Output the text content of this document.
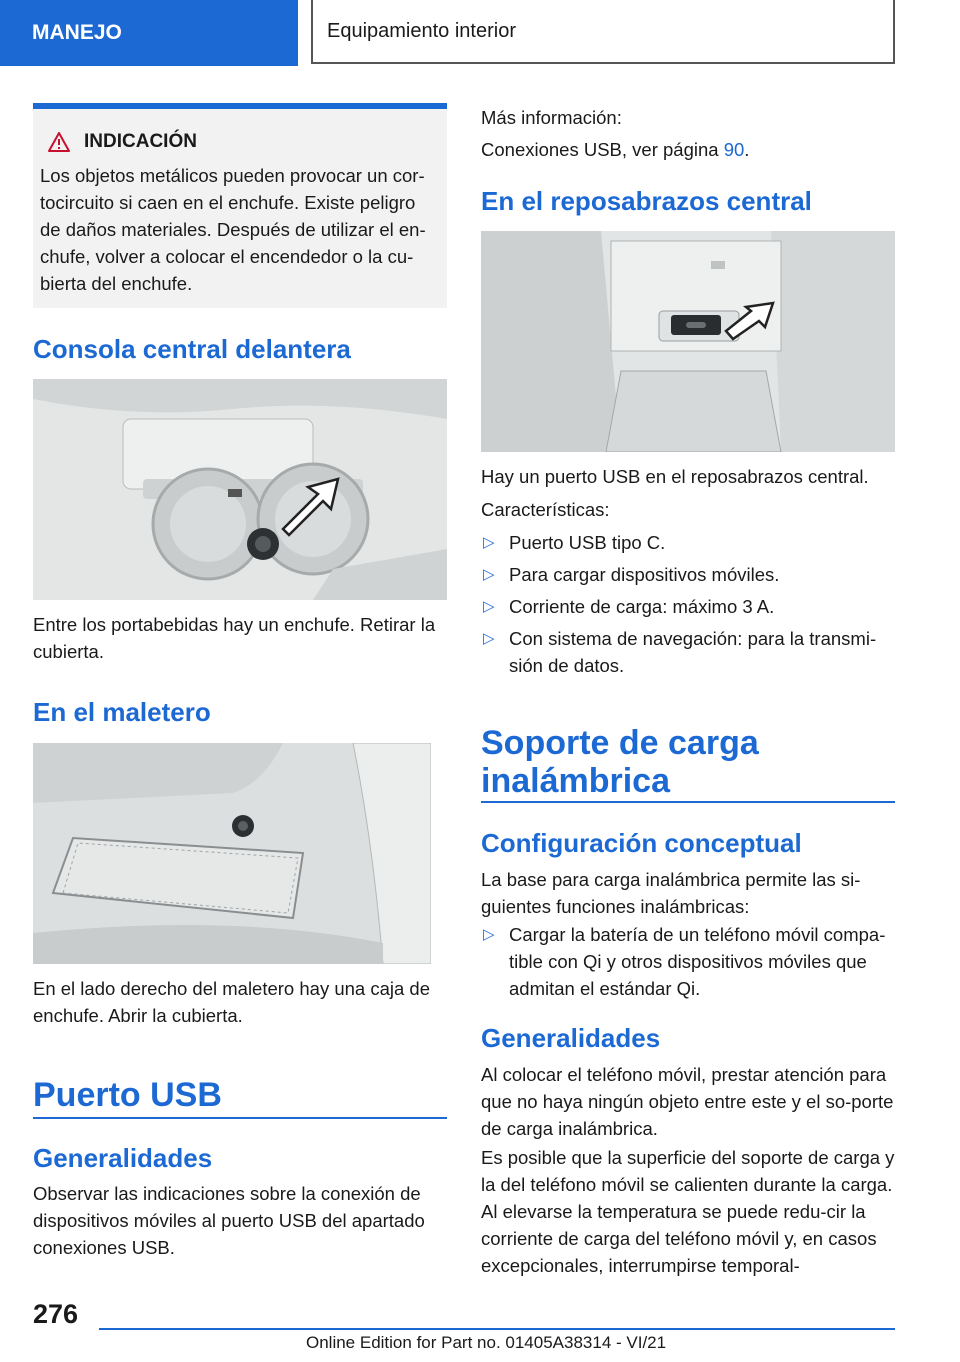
MANEJO	Equipamiento interior
INDICACIÓN
Los objetos metálicos pueden provocar un cor-tocircuito si caen en el enchufe. Existe peligro de daños materiales. Después de utilizar el en-chufe, volver a colocar el encendedor o la cu-bierta del enchufe.
Consola central delantera

Entre los portabebidas hay un enchufe. Retirar la cubierta.

En el maletero

En el lado derecho del maletero hay una caja de enchufe. Abrir la cubierta.

Puerto USB
Generalidades

Observar las indicaciones sobre la conexión de dispositivos móviles al puerto USB del apartado conexiones USB.

Más información:

Conexiones USB, ver página 90.

En el reposabrazos central

Hay un puerto USB en el reposabrazos central.

Características:

▷ Puerto USB tipo C.
▷ Para cargar dispositivos móviles.
▷ Corriente de carga: máximo 3 A.
▷ Con sistema de navegación: para la transmi-sión de datos.
Soporte de carga
inalámbrica
Configuración conceptual

La base para carga inalámbrica permite las si-guientes funciones inalámbricas:

▷ Cargar la batería de un teléfono móvil compa-tible con Qi y otros dispositivos móviles que admitan el estándar Qi.
Generalidades

Al colocar el teléfono móvil, prestar atención para que no haya ningún objeto entre este y el so-porte de carga inalámbrica.

Es posible que la superficie del soporte de carga y la del teléfono móvil se calienten durante la carga. Al elevarse la temperatura se puede redu-cir la corriente de carga del teléfono móvil y, en casos excepcionales, interrumpirse temporal-

276
Online Edition for Part no. 01405A38314 - VI/21
